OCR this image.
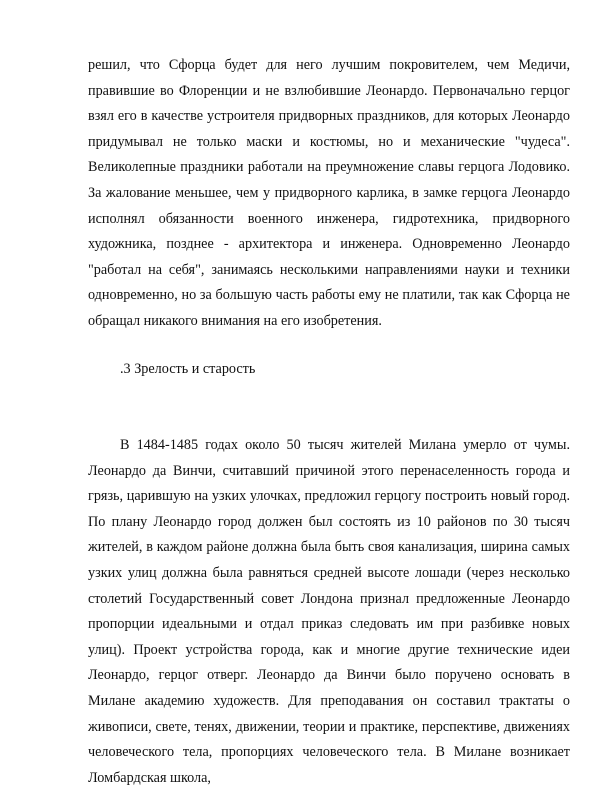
решил, что Сфорца будет для него лучшим покровителем, чем Медичи, правившие во Флоренции и не взлюбившие Леонардо. Первоначально герцог взял его в качестве устроителя придворных праздников, для которых Леонардо придумывал не только маски и костюмы, но и механические "чудеса". Великолепные праздники работали на преумножение славы герцога Лодовико. За жалование меньшее, чем у придворного карлика, в замке герцога Леонардо исполнял обязанности военного инженера, гидротехника, придворного художника, позднее - архитектора и инженера. Одновременно Леонардо "работал на себя", занимаясь несколькими направлениями науки и техники одновременно, но за большую часть работы ему не платили, так как Сфорца не обращал никакого внимания на его изобретения.

.3 Зрелость и старость

В 1484-1485 годах около 50 тысяч жителей Милана умерло от чумы. Леонардо да Винчи, считавший причиной этого перенаселенность города и грязь, царившую на узких улочках, предложил герцогу построить новый город. По плану Леонардо город должен был состоять из 10 районов по 30 тысяч жителей, в каждом районе должна была быть своя канализация, ширина самых узких улиц должна была равняться средней высоте лошади (через несколько столетий Государственный совет Лондона признал предложенные Леонардо пропорции идеальными и отдал приказ следовать им при разбивке новых улиц). Проект устройства города, как и многие другие технические идеи Леонардо, герцог отверг. Леонардо да Винчи было поручено основать в Милане академию художеств. Для преподавания он составил трактаты о живописи, свете, тенях, движении, теории и практике, перспективе, движениях человеческого тела, пропорциях человеческого тела. В Милане возникает Ломбардская школа,
